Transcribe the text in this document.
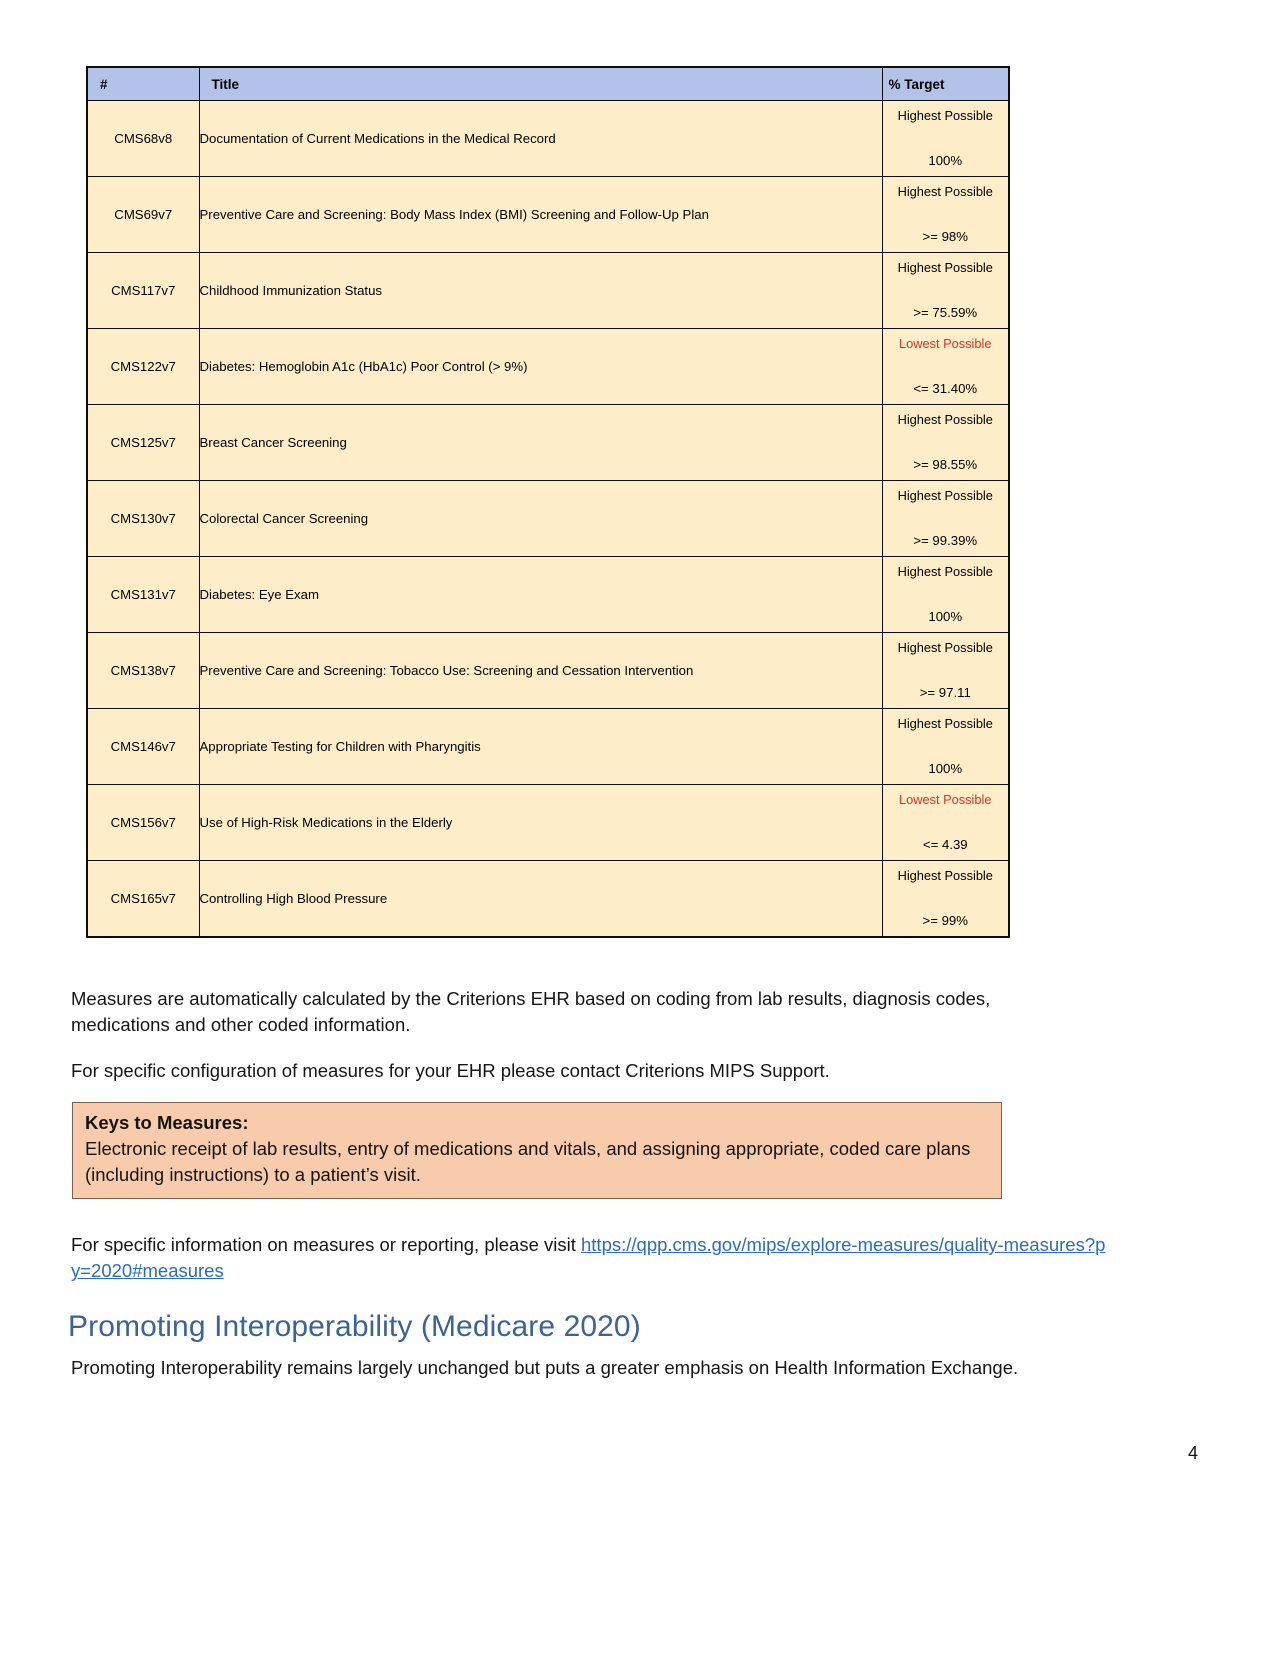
#	Title	% Target
CMS68v8	Documentation of Current Medications in the Medical Record	Highest Possible
100%

CMS69v7	Preventive Care and Screening: Body Mass Index (BMI) Screening and Follow-Up Plan	Highest Possible
>= 98%

CMS117v7	Childhood Immunization Status	Highest Possible
>= 75.59%

CMS122v7	Diabetes: Hemoglobin A1c (HbA1c) Poor Control (> 9%)	Lowest Possible
<= 31.40%

CMS125v7	Breast Cancer Screening	Highest Possible
>= 98.55%

CMS130v7	Colorectal Cancer Screening	Highest Possible
>= 99.39%

CMS131v7	Diabetes: Eye Exam	Highest Possible
100%

CMS138v7	Preventive Care and Screening: Tobacco Use: Screening and Cessation Intervention	Highest Possible
>= 97.11

CMS146v7	Appropriate Testing for Children with Pharyngitis	Highest Possible
100%

CMS156v7	Use of High-Risk Medications in the Elderly	Lowest Possible
<= 4.39

CMS165v7	Controlling High Blood Pressure	Highest Possible
>= 99%
Measures are automatically calculated by the Criterions EHR based on coding from lab results, diagnosis codes, medications and other coded information.
For specific configuration of measures for your EHR please contact Criterions MIPS Support.
Keys to Measures:
Electronic receipt of lab results, entry of medications and vitals, and assigning appropriate, coded care plans (including instructions) to a patient’s visit.
For specific information on measures or reporting, please visit https://qpp.cms.gov/mips/explore-measures/quality-measures?py=2020#measures
Promoting Interoperability (Medicare 2020)
Promoting Interoperability remains largely unchanged but puts a greater emphasis on Health Information Exchange.
4
